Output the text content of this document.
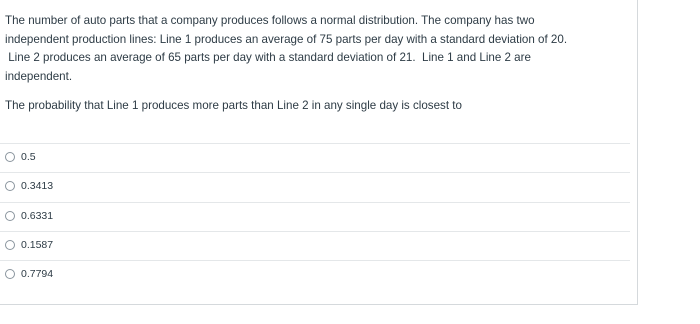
The number of auto parts that a company produces follows a normal distribution. The company has two

independent production lines: Line 1 produces an average of 75 parts per day with a standard deviation of 20.

Line 2 produces an average of 65 parts per day with a standard deviation of 21.  Line 1 and Line 2 are

independent.

The probability that Line 1 produces more parts than Line 2 in any single day is closest to
0.5
0.3413
0.6331
0.1587
0.7794
